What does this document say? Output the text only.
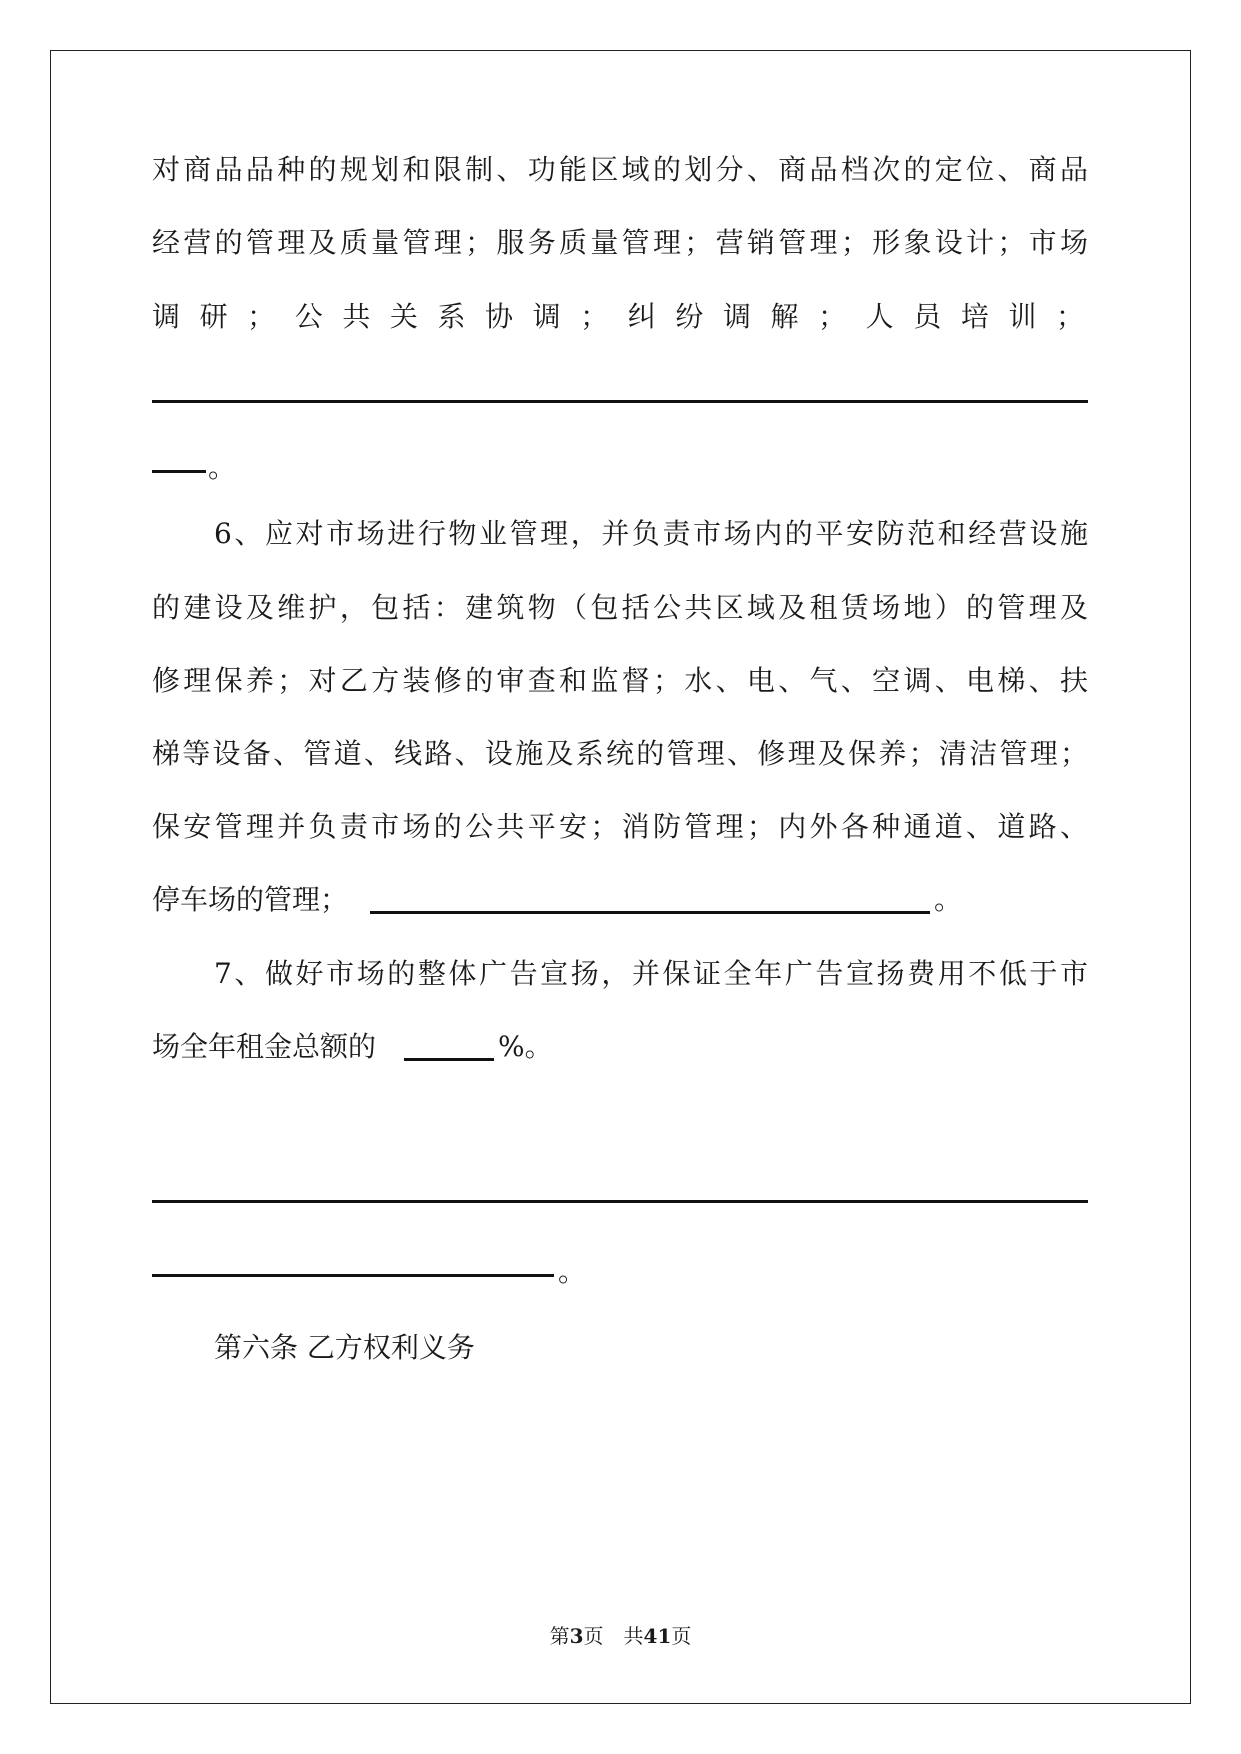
对商品品种的规划和限制、功能区域的划分、商品档次的定位、商品
经营的管理及质量管理；服务质量管理；营销管理；形象设计；市场
调研；公共关系协调；纠纷调解；人员培训；
。
6、应对市场进行物业管理，并负责市场内的平安防范和经营设施
的建设及维护，包括：建筑物（包括公共区域及租赁场地）的管理及
修理保养；对乙方装修的审查和监督；水、电、气、空调、电梯、扶
梯等设备、管道、线路、设施及系统的管理、修理及保养；清洁管理；
保安管理并负责市场的公共平安；消防管理；内外各种通道、道路、
停车场的管理；	。
7、做好市场的整体广告宣扬，并保证全年广告宣扬费用不低于市
场全年租金总额的	%。
。
第六条 乙方权利义务
第3页　共41页
